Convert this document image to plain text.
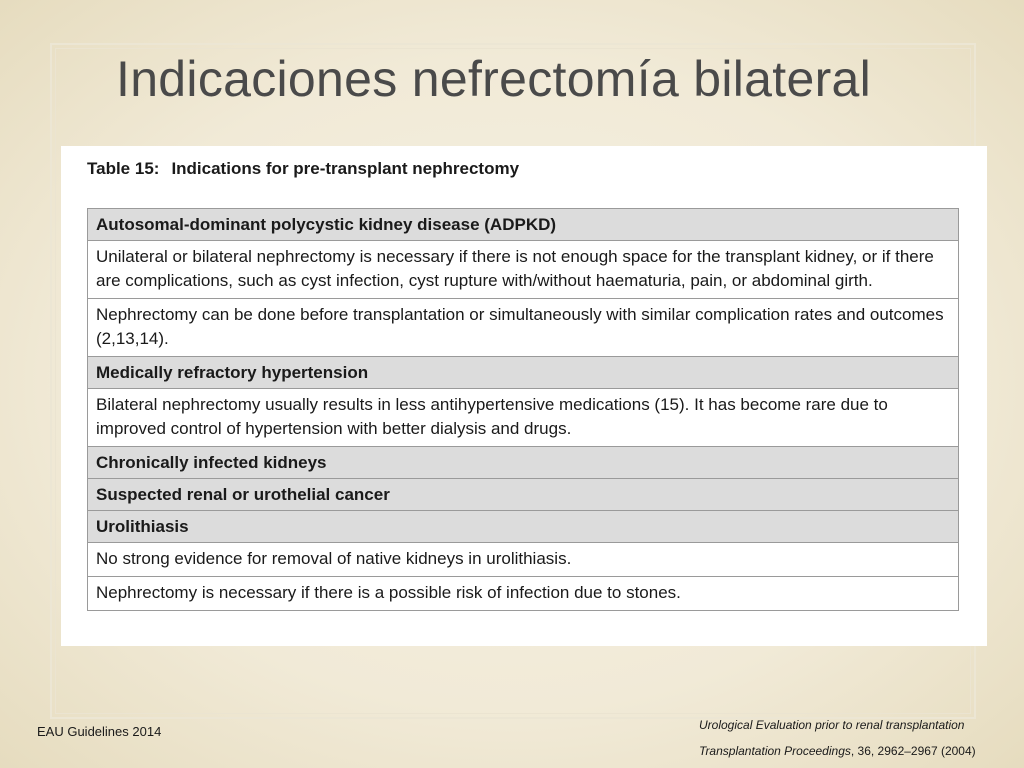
Indicaciones nefrectomía bilateral
Table 15: Indications for pre-transplant nephrectomy
Autosomal-dominant polycystic kidney disease (ADPKD)
Unilateral or bilateral nephrectomy is necessary if there is not enough space for the transplant kidney, or if there are complications, such as cyst infection, cyst rupture with/without haematuria, pain, or abdominal girth.
Nephrectomy can be done before transplantation or simultaneously with similar complication rates and outcomes (2,13,14).
Medically refractory hypertension
Bilateral nephrectomy usually results in less antihypertensive medications (15). It has become rare due to improved control of hypertension with better dialysis and drugs.
Chronically infected kidneys
Suspected renal or urothelial cancer
Urolithiasis
No strong evidence for removal of native kidneys in urolithiasis.
Nephrectomy is necessary if there is a possible risk of infection due to stones.
EAU Guidelines 2014	Urological Evaluation prior to renal transplantation
Transplantation Proceedings, 36, 2962–2967 (2004)
